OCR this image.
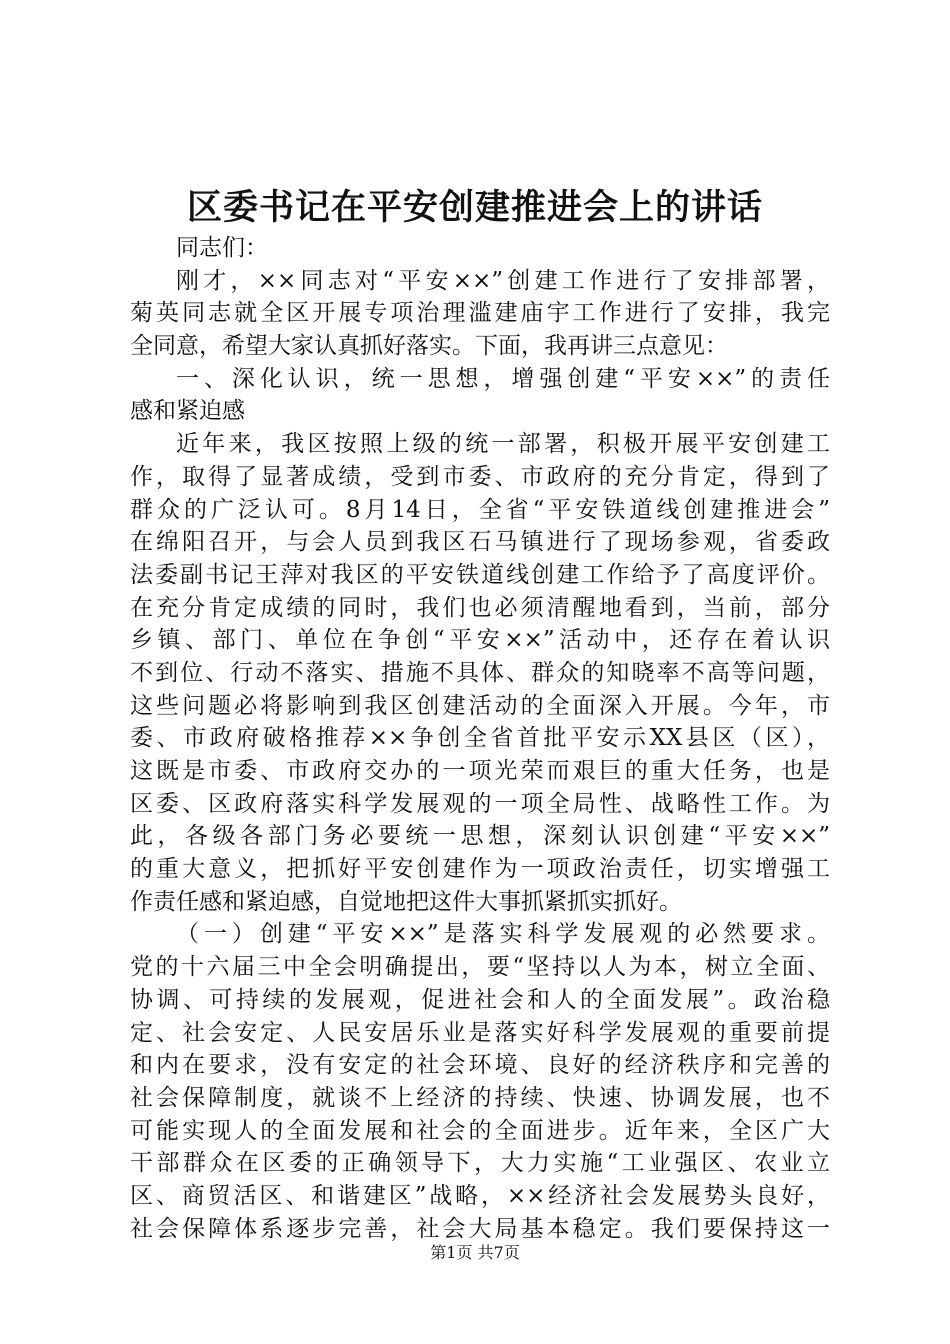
区委书记在平安创建推进会上的讲话
同志们：
刚才，××同志对“平安××”创建工作进行了安排部署，
菊英同志就全区开展专项治理滥建庙宇工作进行了安排，我完
全同意，希望大家认真抓好落实。下面，我再讲三点意见：
一、深化认识，统一思想，增强创建“平安××”的责任
感和紧迫感
近年来，我区按照上级的统一部署，积极开展平安创建工
作，取得了显著成绩，受到市委、市政府的充分肯定，得到了
群众的广泛认可。8月14日，全省“平安铁道线创建推进会”
在绵阳召开，与会人员到我区石马镇进行了现场参观，省委政
法委副书记王萍对我区的平安铁道线创建工作给予了高度评价。
在充分肯定成绩的同时，我们也必须清醒地看到，当前，部分
乡镇、部门、单位在争创“平安××”活动中，还存在着认识
不到位、行动不落实、措施不具体、群众的知晓率不高等问题，
这些问题必将影响到我区创建活动的全面深入开展。今年，市
委、市政府破格推荐××争创全省首批平安示XX县区（区），
这既是市委、市政府交办的一项光荣而艰巨的重大任务，也是
区委、区政府落实科学发展观的一项全局性、战略性工作。为
此，各级各部门务必要统一思想，深刻认识创建“平安××”
的重大意义，把抓好平安创建作为一项政治责任，切实增强工
作责任感和紧迫感，自觉地把这件大事抓紧抓实抓好。
（一）创建“平安××”是落实科学发展观的必然要求。
党的十六届三中全会明确提出，要“坚持以人为本，树立全面、
协调、可持续的发展观，促进社会和人的全面发展”。政治稳
定、社会安定、人民安居乐业是落实好科学发展观的重要前提
和内在要求，没有安定的社会环境、良好的经济秩序和完善的
社会保障制度，就谈不上经济的持续、快速、协调发展，也不
可能实现人的全面发展和社会的全面进步。近年来，全区广大
干部群众在区委的正确领导下，大力实施“工业强区、农业立
区、商贸活区、和谐建区”战略，××经济社会发展势头良好，
社会保障体系逐步完善，社会大局基本稳定。我们要保持这一
第1页 共7页
